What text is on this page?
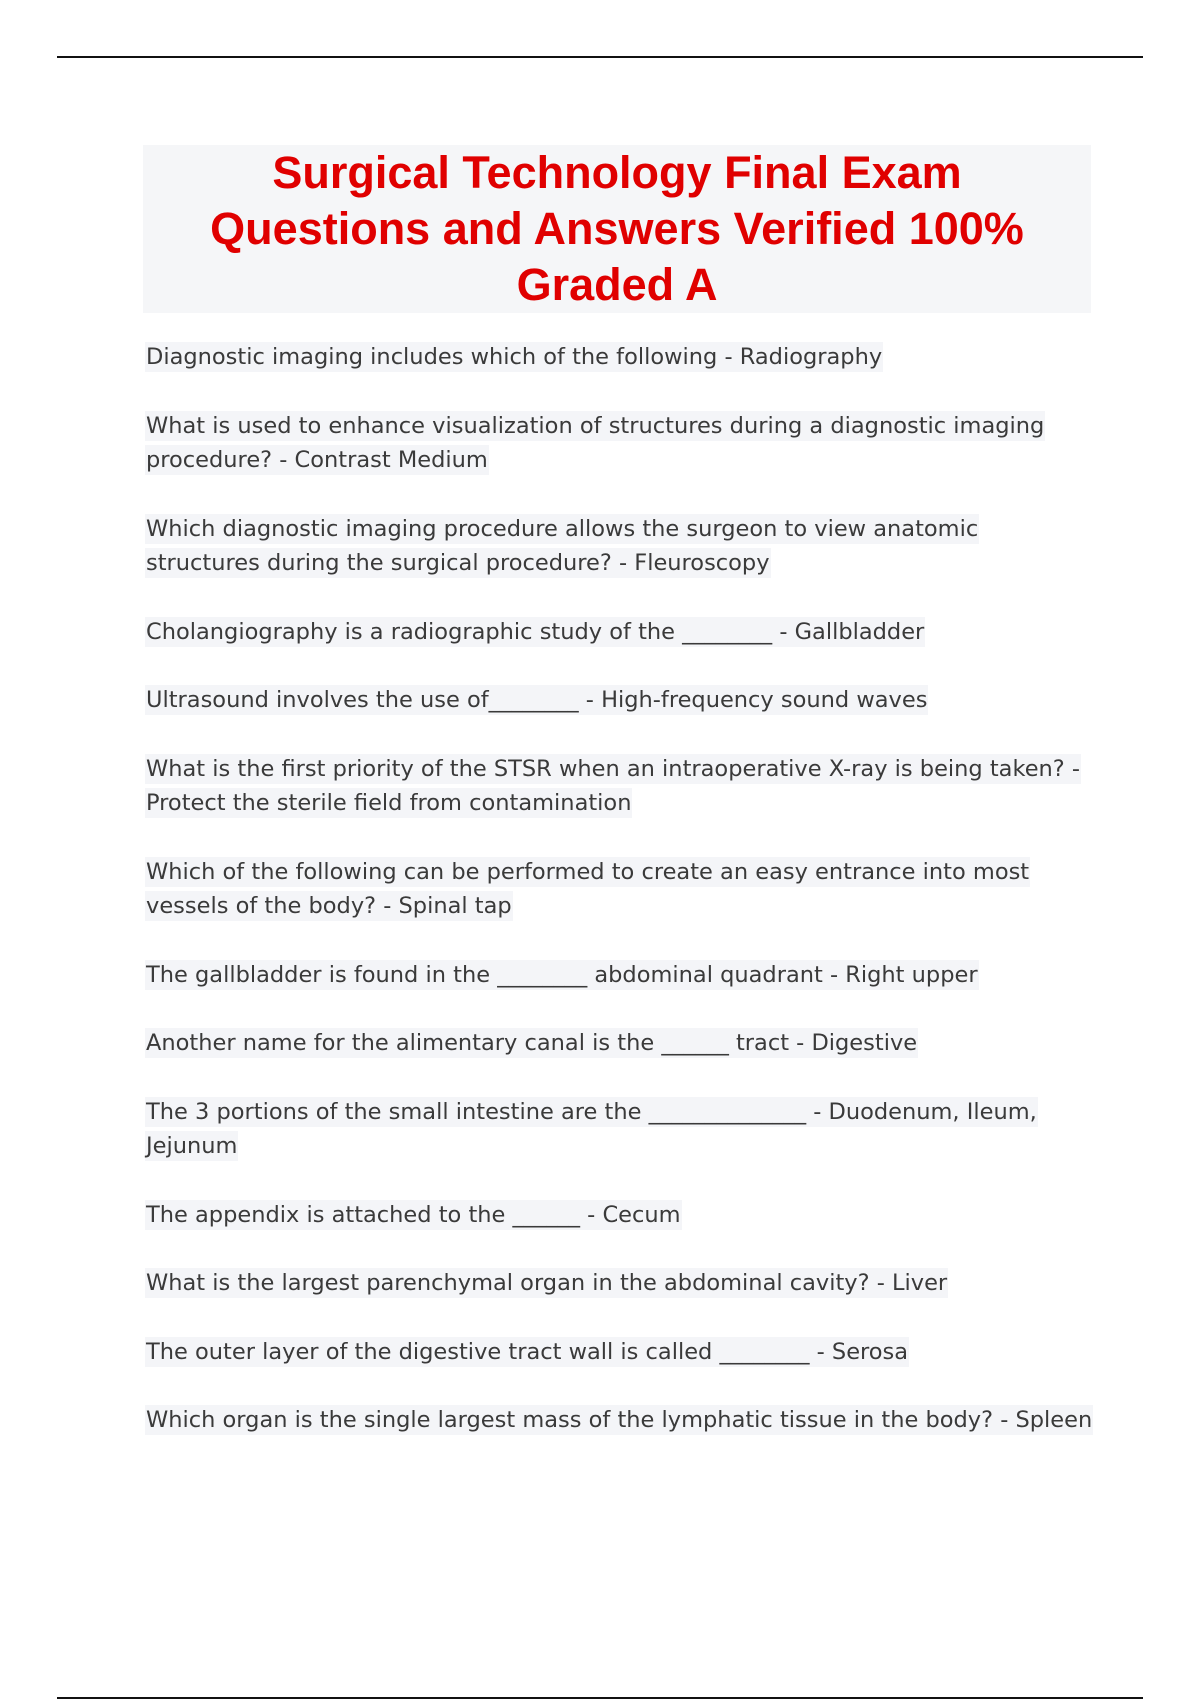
Surgical Technology Final Exam Questions and Answers Verified 100% Graded A
Diagnostic imaging includes which of the following - Radiography
What is used to enhance visualization of structures during a diagnostic imaging procedure? - Contrast Medium
Which diagnostic imaging procedure allows the surgeon to view anatomic structures during the surgical procedure? - Fleuroscopy
Cholangiography is a radiographic study of the ________ - Gallbladder
Ultrasound involves the use of________ - High-frequency sound waves
What is the first priority of the STSR when an intraoperative X-ray is being taken? - Protect the sterile field from contamination
Which of the following can be performed to create an easy entrance into most vessels of the body? - Spinal tap
The gallbladder is found in the ________ abdominal quadrant - Right upper
Another name for the alimentary canal is the ______ tract - Digestive
The 3 portions of the small intestine are the ______________ - Duodenum, Ileum, Jejunum
The appendix is attached to the ______ - Cecum
What is the largest parenchymal organ in the abdominal cavity? - Liver
The outer layer of the digestive tract wall is called ________ - Serosa
Which organ is the single largest mass of the lymphatic tissue in the body? - Spleen
